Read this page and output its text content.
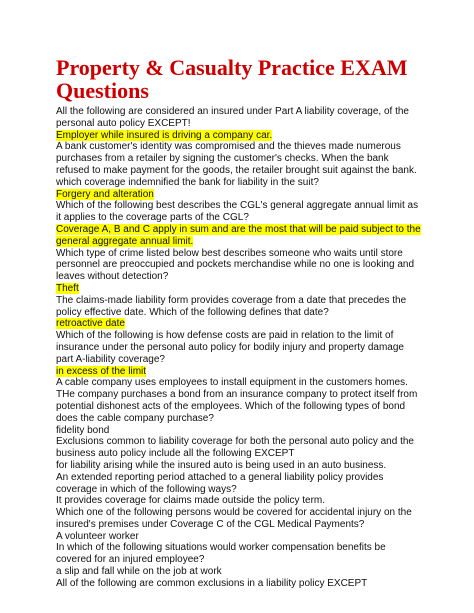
Property & Casualty Practice EXAM Questions
All the following are considered an insured under Part A liability coverage, of the personal auto policy EXCEPT!
Employer while insured is driving a company car.
A bank customer's identity was compromised and the thieves made numerous purchases from a retailer by signing the customer's checks. When the bank refused to make payment for the goods, the retailer brought suit against the bank. which coverage indemnified the bank for liability in the suit?
Forgery and alteration
Which of the following best describes the CGL's general aggregate annual limit as it applies to the coverage parts of the CGL?
Coverage A, B and C apply in sum and are the most that will be paid subject to the general aggregate annual limit.
Which type of crime listed below best describes someone who waits until store personnel are preoccupied and pockets merchandise while no one is looking and leaves without detection?
Theft
The claims-made liability form provides coverage from a date that precedes the policy effective date. Which of the following defines that date?
retroactive date
Which of the following is how defense costs are paid in relation to the limit of insurance under the personal auto policy for bodily injury and property damage part A-liability coverage?
in excess of the limit
A cable company uses employees to install equipment in the customers homes. THe company purchases a bond from an insurance company to protect itself from potential dishonest acts of the employees. Which of the following types of bond does the cable company purchase?
fidelity bond
Exclusions common to liability coverage for both the personal auto policy and the business auto policy include all the following EXCEPT
for liability arising while the insured auto is being used in an auto business.
An extended reporting period attached to a general liability policy provides coverage in which of the following ways?
It provides coverage for claims made outside the policy term.
Which one of the following persons would be covered for accidental injury on the insured's premises under Coverage C of the CGL Medical Payments?
A volunteer worker
In which of the following situations would worker compensation benefits be covered for an injured employee?
a slip and fall while on the job at work
All of the following are common exclusions in a liability policy EXCEPT
